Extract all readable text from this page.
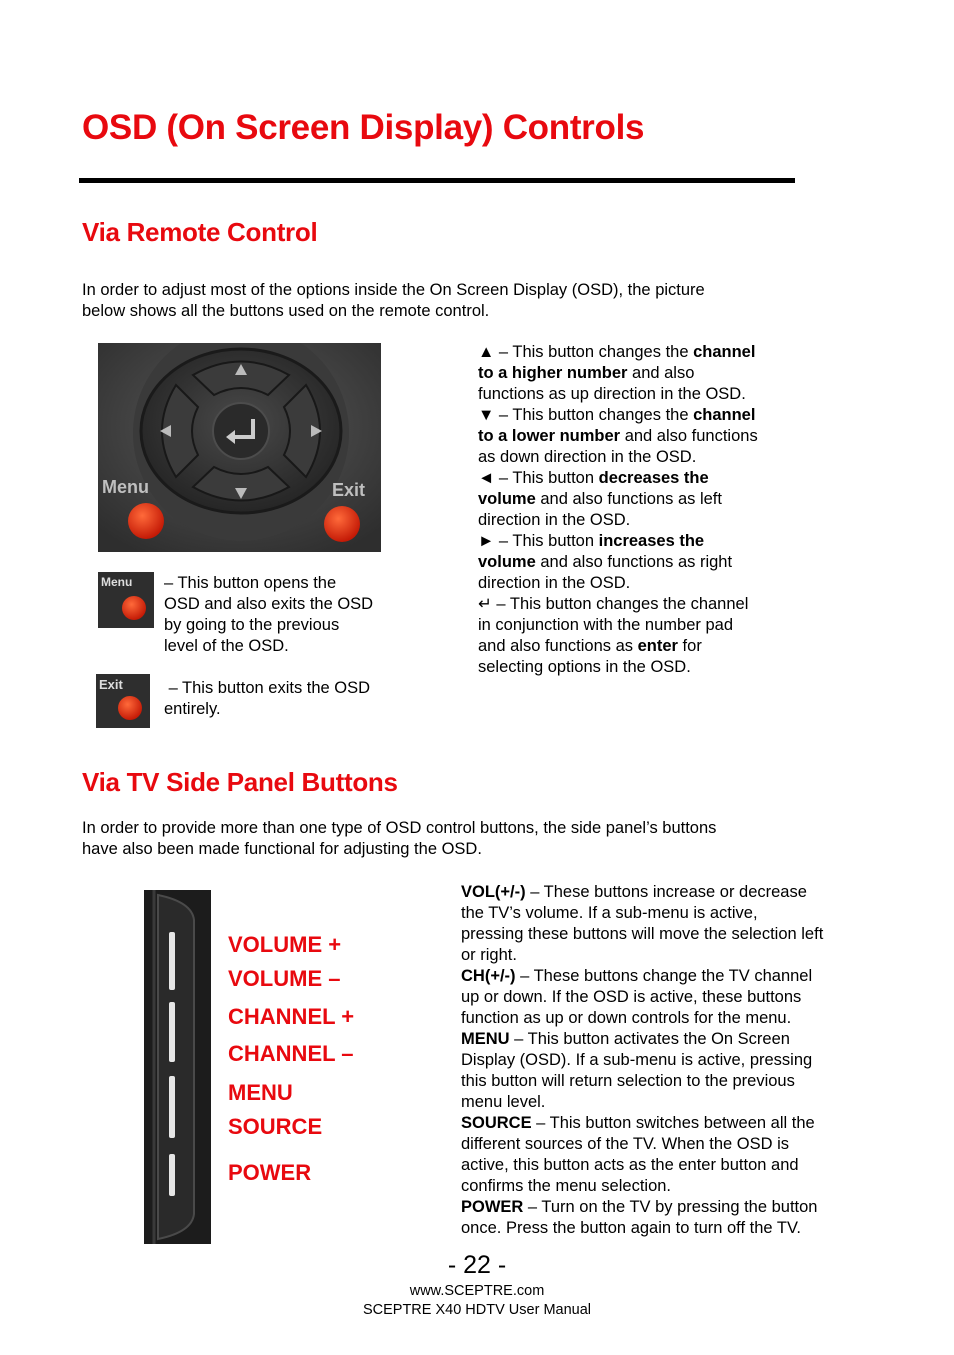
OSD (On Screen Display) Controls
Via Remote Control

In order to adjust most of the options inside the On Screen Display (OSD), the picture

below shows all the buttons used on the remote control.

Menu	Exit
Menu – This button opens the

OSD and also exits the OSD

by going to the previous

level of the OSD.

Exit	– This button exits the OSD

entirely.

▲ – This button changes the channel

to a higher number and also

functions as up direction in the OSD.

▼ – This button changes the channel

to a lower number and also functions

as down direction in the OSD.

◄ – This button decreases the

volume and also functions as left

direction in the OSD.

► – This button increases the

volume and also functions as right

direction in the OSD.

↵ – This button changes the channel

in conjunction with the number pad

and also functions as enter for

selecting options in the OSD.

Via TV Side Panel Buttons

In order to provide more than one type of OSD control buttons, the side panel’s buttons

have also been made functional for adjusting the OSD.

VOLUME +
VOLUME –
CHANNEL +
CHANNEL –
MENU
SOURCE
POWER

VOL(+/-) – These buttons increase or decrease

the TV’s volume. If a sub-menu is active,

pressing these buttons will move the selection left

or right.

CH(+/-) – These buttons change the TV channel

up or down. If the OSD is active, these buttons

function as up or down controls for the menu.

MENU – This button activates the On Screen

Display (OSD). If a sub-menu is active, pressing

this button will return selection to the previous

menu level.

SOURCE – This button switches between all the

different sources of the TV. When the OSD is

active, this button acts as the enter button and

confirms the menu selection.

POWER – Turn on the TV by pressing the button

once. Press the button again to turn off the TV.

- 22 -
www.SCEPTRE.com
SCEPTRE X40 HDTV User Manual
